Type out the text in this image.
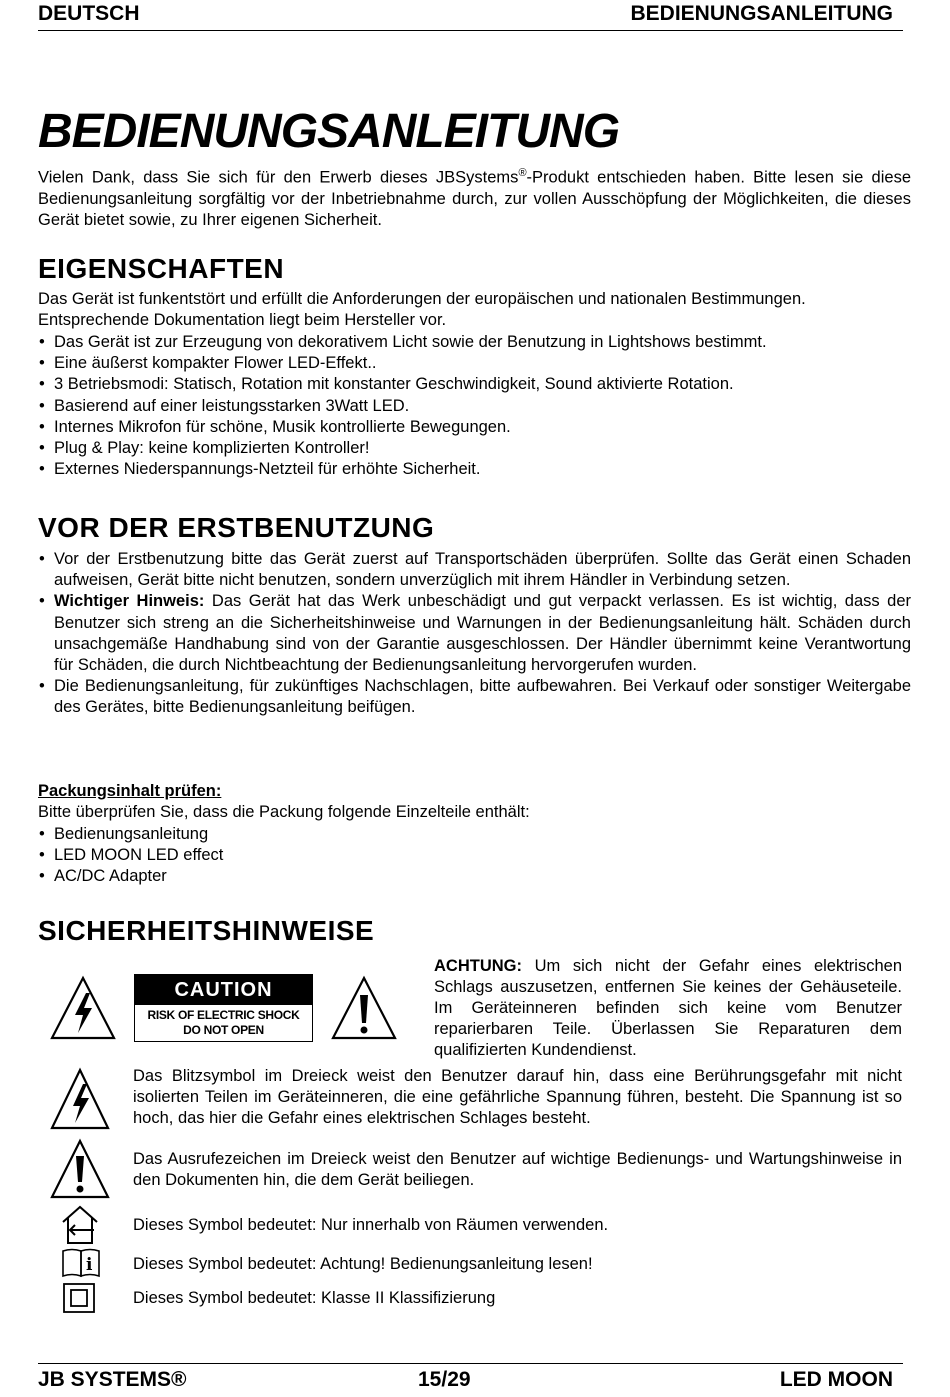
DEUTSCH	BEDIENUNGSANLEITUNG
BEDIENUNGSANLEITUNG

Vielen Dank, dass Sie sich für den Erwerb dieses JBSystems®-Produkt entschieden haben. Bitte lesen sie diese Bedienungsanleitung sorgfältig vor der Inbetriebnahme durch, zur vollen Ausschöpfung der Möglichkeiten, die dieses Gerät bietet sowie, zu Ihrer eigenen Sicherheit.

EIGENSCHAFTEN

Das Gerät ist funkentstört und erfüllt die Anforderungen der europäischen und nationalen Bestimmungen.
Entsprechende Dokumentation liegt beim Hersteller vor.

• Das Gerät ist zur Erzeugung von dekorativem Licht sowie der Benutzung in Lightshows bestimmt.
• Eine äußerst kompakter Flower LED-Effekt..
• 3 Betriebsmodi: Statisch, Rotation mit konstanter Geschwindigkeit, Sound aktivierte Rotation.
• Basierend auf einer leistungsstarken 3Watt LED.
• Internes Mikrofon für schöne, Musik kontrollierte Bewegungen.
• Plug & Play: keine komplizierten Kontroller!
• Externes Niederspannungs-Netzteil für erhöhte Sicherheit.
VOR DER ERSTBENUTZUNG
• Vor der Erstbenutzung bitte das Gerät zuerst auf Transportschäden überprüfen. Sollte das Gerät einen Schaden aufweisen, Gerät bitte nicht benutzen, sondern unverzüglich mit ihrem Händler in Verbindung setzen.
• Wichtiger Hinweis: Das Gerät hat das Werk unbeschädigt und gut verpackt verlassen. Es ist wichtig, dass der Benutzer sich streng an die Sicherheitshinweise und Warnungen in der Bedienungsanleitung hält. Schäden durch unsachgemäße Handhabung sind von der Garantie ausgeschlossen. Der Händler übernimmt keine Verantwortung für Schäden, die durch Nichtbeachtung der Bedienungsanleitung hervorgerufen wurden.
• Die Bedienungsanleitung, für zukünftiges Nachschlagen, bitte aufbewahren. Bei Verkauf oder sonstiger Weitergabe des Gerätes, bitte Bedienungsanleitung beifügen.

Packungsinhalt prüfen:

Bitte überprüfen Sie, dass die Packung folgende Einzelteile enthält:

• Bedienungsanleitung
• LED MOON LED effect
• AC/DC Adapter
SICHERHEITSHINWEISE
CAUTION
RISK OF ELECTRIC SHOCK
DO NOT OPEN

ACHTUNG: Um sich nicht der Gefahr eines elektrischen Schlags auszusetzen, entfernen Sie keines der Gehäuseteile. Im Geräteinneren befinden sich keine vom Benutzer reparierbaren Teile. Überlassen Sie Reparaturen dem qualifizierten Kundendienst.

Das Blitzsymbol im Dreieck weist den Benutzer darauf hin, dass eine Berührungsgefahr mit nicht isolierten Teilen im Geräteinneren, die eine gefährliche Spannung führen, besteht. Die Spannung ist so hoch, das hier die Gefahr eines elektrischen Schlages besteht.

Das Ausrufezeichen im Dreieck weist den Benutzer auf wichtige Bedienungs- und Wartungshinweise in den Dokumenten hin, die dem Gerät beiliegen.

Dieses Symbol bedeutet: Nur innerhalb von Räumen verwenden.

i Dieses Symbol bedeutet: Achtung! Bedienungsanleitung lesen!

Dieses Symbol bedeutet: Klasse II Klassifizierung

JB SYSTEMS®	15/29	LED MOON
